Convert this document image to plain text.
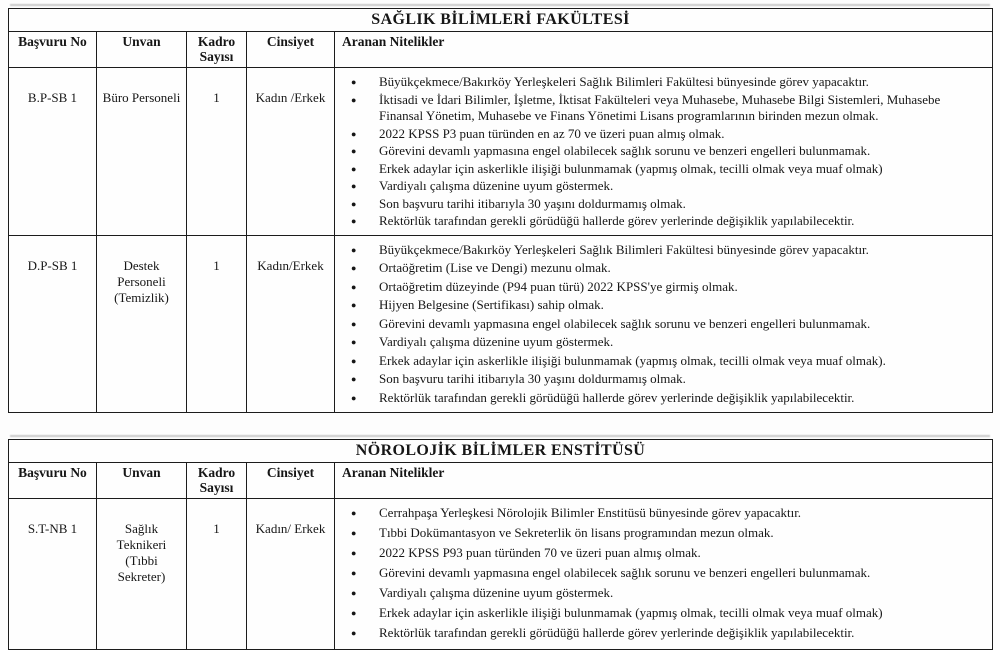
SAĞLIK BİLİMLERİ FAKÜLTESİ				
Başvuru No	Unvan	Kadro Sayısı	Cinsiyet	Aranan Nitelikler
B.P-SB 1	Büro Personeli	1	Kadın /Erkek	
●	Büyükçekmece/Bakırköy Yerleşkeleri Sağlık Bilimleri Fakültesi bünyesinde görev yapacaktır.
●	İktisadi ve İdari Bilimler, İşletme, İktisat Fakülteleri veya Muhasebe, Muhasebe Bilgi Sistemleri, Muhasebe Finansal Yönetim, Muhasebe ve Finans Yönetimi Lisans programlarının birinden mezun olmak.
●	2022 KPSS P3 puan türünden en az 70 ve üzeri puan almış olmak.
●	Görevini devamlı yapmasına engel olabilecek sağlık sorunu ve benzeri engelleri bulunmamak.
●	Erkek adaylar için askerlikle ilişiği bulunmamak (yapmış olmak, tecilli olmak veya muaf olmak)
●	Vardiyalı çalışma düzenine uyum göstermek.
●	Son başvuru tarihi itibarıyla 30 yaşını doldurmamış olmak.
●	Rektörlük tarafından gerekli görüdüğü hallerde görev yerlerinde değişiklik yapılabilecektir.

D.P-SB 1	Destek Personeli (Temizlik)	1	Kadın/Erkek	
●	Büyükçekmece/Bakırköy Yerleşkeleri Sağlık Bilimleri Fakültesi bünyesinde görev yapacaktır.
●	Ortaöğretim (Lise ve Dengi) mezunu olmak.
●	Ortaöğretim düzeyinde (P94 puan türü) 2022 KPSS'ye girmiş olmak.
●	Hijyen Belgesine (Sertifikası) sahip olmak.
●	Görevini devamlı yapmasına engel olabilecek sağlık sorunu ve benzeri engelleri bulunmamak.
●	Vardiyalı çalışma düzenine uyum göstermek.
●	Erkek adaylar için askerlikle ilişiği bulunmamak (yapmış olmak, tecilli olmak veya muaf olmak).
●	Son başvuru tarihi itibarıyla 30 yaşını doldurmamış olmak.
●	Rektörlük tarafından gerekli görüdüğü hallerde görev yerlerinde değişiklik yapılabilecektir.
NÖROLOJİK BİLİMLER ENSTİTÜSÜ				
Başvuru No	Unvan	Kadro Sayısı	Cinsiyet	Aranan Nitelikler
S.T-NB 1	Sağlık Teknikeri (Tıbbi Sekreter)	1	Kadın/ Erkek	
●	Cerrahpaşa Yerleşkesi Nörolojik Bilimler Enstitüsü bünyesinde görev yapacaktır.
●	Tıbbi Dokümantasyon ve Sekreterlik ön lisans programından mezun olmak.
●	2022 KPSS P93 puan türünden 70 ve üzeri puan almış olmak.
●	Görevini devamlı yapmasına engel olabilecek sağlık sorunu ve benzeri engelleri bulunmamak.
●	Vardiyalı çalışma düzenine uyum göstermek.
●	Erkek adaylar için askerlikle ilişiği bulunmamak (yapmış olmak, tecilli olmak veya muaf olmak)
●	Rektörlük tarafından gerekli görüdüğü hallerde görev yerlerinde değişiklik yapılabilecektir.
